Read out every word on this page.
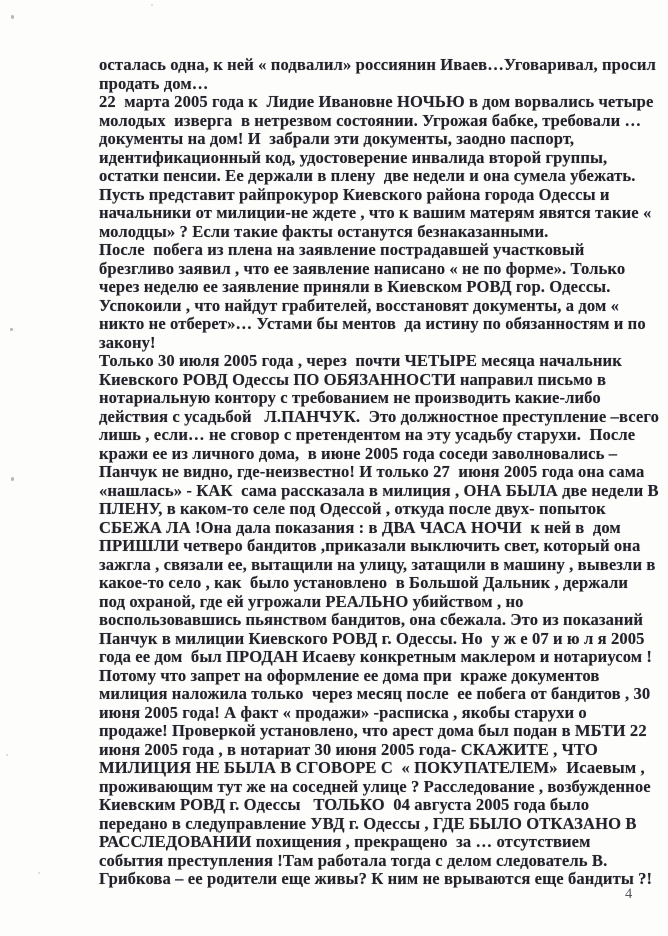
осталась одна, к ней « подвалил» россиянин Иваев…Уговаривал, просил
продать дом…
22  марта 2005 года к  Лидие Ивановне НОЧЬЮ в дом ворвались четыре
молодых  изверга  в нетрезвом состоянии. Угрожая бабке, требовали …
документы на дом! И  забрали эти документы, заодно паспорт,
идентификационный код, удостоверение инвалида второй группы,
остатки пенсии. Ее держали в плену  две недели и она сумела убежать.
Пусть представит райпрокурор Киевского района города Одессы и
начальники от милиции-не ждете , что к вашим матерям явятся такие «
молодцы» ? Если такие факты останутся безнаказанными.
После  побега из плена на заявление пострадавшей участковый
брезгливо заявил , что ее заявление написано « не по форме». Только
через неделю ее заявление приняли в Киевском РОВД гор. Одессы.
Успокоили , что найдут грабителей, восстановят документы, а дом «
никто не отберет»… Устами бы ментов  да истину по обязанностям и по
закону!
Только 30 июля 2005 года , через  почти ЧЕТЫРЕ месяца начальник
Киевского РОВД Одессы ПО ОБЯЗАННОСТИ направил письмо в
нотариальную контору с требованием не производить какие-либо
действия с усадьбой   Л.ПАНЧУК.  Это должностное преступление –всего
лишь , если… не сговор с претендентом на эту усадьбу старухи.  После
кражи ее из личного дома,  в июне 2005 года соседи заволновались –
Панчук не видно, где-неизвестно! И только 27  июня 2005 года она сама
«нашлась» - КАК  сама рассказала в милиция , ОНА БЫЛА две недели В
ПЛЕНУ, в каком-то селе под Одессой , откуда после двух- попыток
СБЕЖА ЛА !Она дала показания : в ДВА ЧАСА НОЧИ  к ней в  дом
ПРИШЛИ четверо бандитов ,приказали выключить свет, который она
зажгла , связали ее, вытащили на улицу, затащили в машину , вывезли в
какое-то село , как  было установлено  в Большой Дальник , держали
под охраной, где ей угрожали РЕАЛЬНО убийством , но
воспользовавшись пьянством бандитов, она сбежала. Это из показаний
Панчук в милиции Киевского РОВД г. Одессы. Но  у ж е 07 и ю л я 2005
года ее дом  был ПРОДАН Исаеву конкретным маклером и нотариусом !
Потому что запрет на оформление ее дома при  краже документов
милиция наложила только  через месяц после  ее побега от бандитов , 30
июня 2005 года! А факт « продажи» -расписка , якобы старухи о
продаже! Проверкой установлено, что арест дома был подан в МБТИ 22
июня 2005 года , в нотариат 30 июня 2005 года- СКАЖИТЕ , ЧТО
МИЛИЦИЯ НЕ БЫЛА В СГОВОРЕ С  « ПОКУПАТЕЛЕМ»  Исаевым ,
проживающим тут же на соседней улице ? Расследование , возбужденное
Киевским РОВД г. Одессы   ТОЛЬКО  04 августа 2005 года было
передано в следуправление УВД г. Одессы , ГДЕ БЫЛО ОТКАЗАНО В
РАССЛЕДОВАНИИ похищения , прекращено  за … отсутствием
события преступления !Там работала тогда с делом следователь В.
Грибкова – ее родители еще живы? К ним не врываются еще бандиты ?!
4
